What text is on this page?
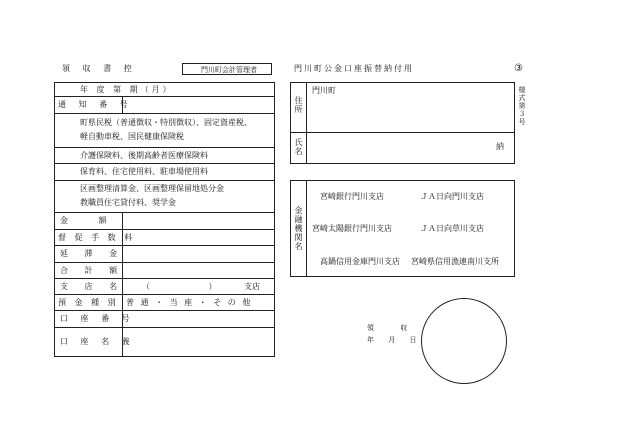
領 収 書 控	門川町会計管理者	門川町公金口座振替納付用	③
年 度 第 期（月）
通 知 番 号
町県民税（普通徴収・特別徴収）、固定資産税、
軽自動車税、国民健康保険税
介護保険料、後期高齢者医療保険料
保育料、住宅使用料、駐車場使用料
区画整理清算金、区画整理保留地処分金
教職員住宅貸付料、奨学金
金 額
督 促 手 数 料
延 滞 金
合 計 額
支 店 名 （ ） 支店
預 金 種 別 普 通 ・ 当 座 ・ そ の 他
口 座 番 号
口 座 名 義
住所
門川町
氏名	納
金融機関名
宮崎銀行門川支店	ＪＡ日向門川支店
宮崎太陽銀行門川支店	ＪＡ日向草川支店
高鍋信用金庫門川支店 宮崎県信用漁連南川支所
様式第３号
領 収
年 月 日
